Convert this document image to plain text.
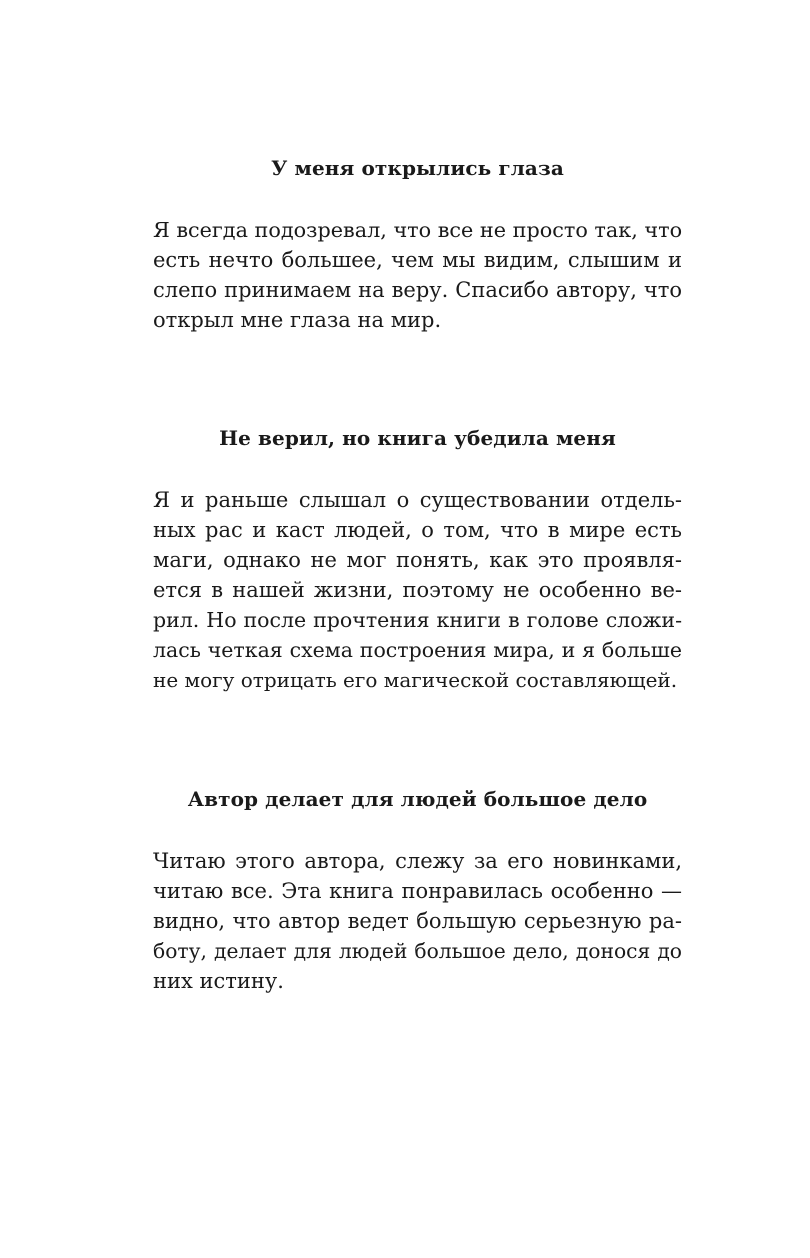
У меня открылись глаза

Я всегда подозревал, что все не просто так, что
есть нечто большее, чем мы видим, слышим и
слепо принимаем на веру. Спасибо автору, что
открыл мне глаза на мир.

Не верил, но книга убедила меня

Я и раньше слышал о существовании отдель-
ных рас и каст людей, о том, что в мире есть
маги, однако не мог понять, как это проявля-
ется в нашей жизни, поэтому не особенно ве-
рил. Но после прочтения книги в голове сложи-
лась четкая схема построения мира, и я больше
не могу отрицать его магической составляющей.

Автор делает для людей большое дело

Читаю этого автора, слежу за его новинками,
читаю все. Эта книга понравилась особенно —
видно, что автор ведет большую серьезную ра-
боту, делает для людей большое дело, донося до
них истину.
